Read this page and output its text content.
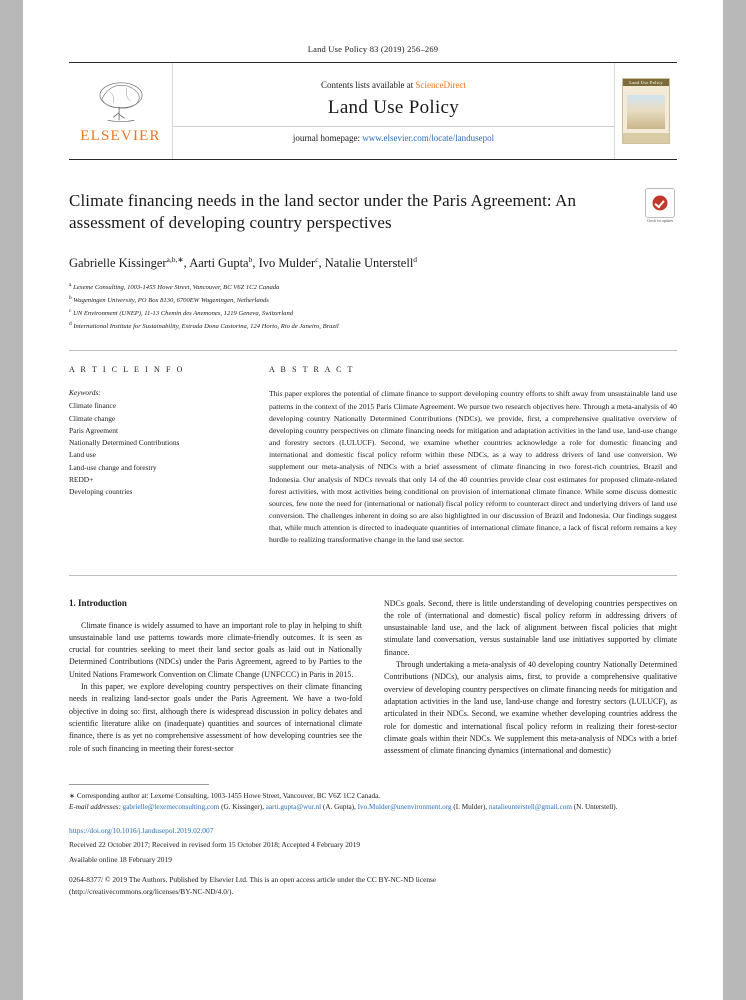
Land Use Policy 83 (2019) 256–269
ELSEVIER
Contents lists available at ScienceDirect
Land Use Policy
journal homepage: www.elsevier.com/locate/landusepol
Land Use Policy
Climate financing needs in the land sector under the Paris Agreement: An assessment of developing country perspectives	Check for updates
Gabrielle Kissinger$^{a,b,∗}$, Aarti Gupta$^b$, Ivo Mulder$^c$, Natalie Unterstell$^d$
$^a$ Lexeme Consulting, 1003-1455 Howe Street, Vancouver, BC V6Z 1C2 Canada
$^b$ Wageningen University, PO Box 8130, 6700EW Wageningen, Netherlands
$^c$ UN Environment (UNEP), 11-13 Chemin des Anemones, 1219 Geneva, Switzerland
$^d$ International Institute for Sustainability, Estrada Dona Castorina, 124 Horto, Rio de Janeiro, Brazil
A R T I C L E I N F O
Keywords:
Climate finance
Climate change
Paris Agreement
Nationally Determined Contributions
Land use
Land-use change and forestry
REDD+
Developing countries
A B S T R A C T
This paper explores the potential of climate finance to support developing country efforts to shift away from unsustainable land use patterns in the context of the 2015 Paris Climate Agreement. We pursue two research objectives here. Through a meta-analysis of 40 developing country Nationally Determined Contributions (NDCs), we provide, first, a comprehensive qualitative overview of developing country perspectives on climate financing needs for mitigation and adaptation activities in the land use, land-use change and forestry sectors (LULUCF). Second, we examine whether countries acknowledge a role for domestic financing and international and domestic fiscal policy reform within these NDCs, as a way to address drivers of land use conversion. We supplement our meta-analysis of NDCs with a brief assessment of climate financing in two forest-rich countries, Brazil and Indonesia. Our analysis of NDCs reveals that only 14 of the 40 countries provide clear cost estimates for proposed climate-related forest activities, with most activities being conditional on provision of international climate finance. While some discuss domestic sources, few note the need for (international or national) fiscal policy reform to counteract direct and underlying drivers of land use conversion. The challenges inherent in doing so are also highlighted in our discussion of Brazil and Indonesia. Our findings suggest that, while much attention is directed to inadequate quantities of international climate finance, a lack of fiscal reform remains a key hurdle to realizing transformative change in the land use sector.
1. Introduction

Climate finance is widely assumed to have an important role to play in helping to shift unsustainable land use patterns towards more climate-friendly outcomes. It is seen as crucial for countries seeking to meet their land sector goals as laid out in Nationally Determined Contributions (NDCs) under the Paris Agreement, agreed to by Parties to the United Nations Framework Convention on Climate Change (UNFCCC) in Paris in 2015.

In this paper, we explore developing country perspectives on their climate financing needs in realizing land-sector goals under the Paris Agreement. We have a two-fold objective in doing so: first, although there is widespread discussion in policy debates and scientific literature alike on (inadequate) quantities and sources of international climate finance, there is as yet no comprehensive assessment of how developing countries see the role of such financing in meeting their forest-sector

NDCs goals. Second, there is little understanding of developing countries perspectives on the role of (international and domestic) fiscal policy reform in addressing drivers of unsustainable land use, and the lack of alignment between fiscal policies that might stimulate land conversation, versus sustainable land use initiatives supported by climate finance.

Through undertaking a meta-analysis of 40 developing country Nationally Determined Contributions (NDCs), our analysis aims, first, to provide a comprehensive qualitative overview of developing country perspectives on climate financing needs for mitigation and adaptation activities in the land use, land-use change and forestry sectors (LULUCF), as articulated in their NDCs. Second, we examine whether developing countries address the role for domestic and international fiscal policy reform in realizing their forest-sector climate goals within their NDCs. We supplement this meta-analysis of NDCs with a brief assessment of climate financing dynamics (international and domestic)

∗ Corresponding author at: Lexeme Consulting, 1003-1455 Howe Street, Vancouver, BC V6Z 1C2 Canada.
E-mail addresses: gabrielle@lexemeconsulting.com (G. Kissinger), aarti.gupta@wur.nl (A. Gupta), Ivo.Mulder@unenvironment.org (I. Mulder), natalieunterstell@gmail.com (N. Unterstell).
https://doi.org/10.1016/j.landusepol.2019.02.007
Received 22 October 2017; Received in revised form 15 October 2018; Accepted 4 February 2019
Available online 18 February 2019
0264-8377/ © 2019 The Authors. Published by Elsevier Ltd. This is an open access article under the CC BY-NC-ND license
(http://creativecommons.org/licenses/BY-NC-ND/4.0/).
